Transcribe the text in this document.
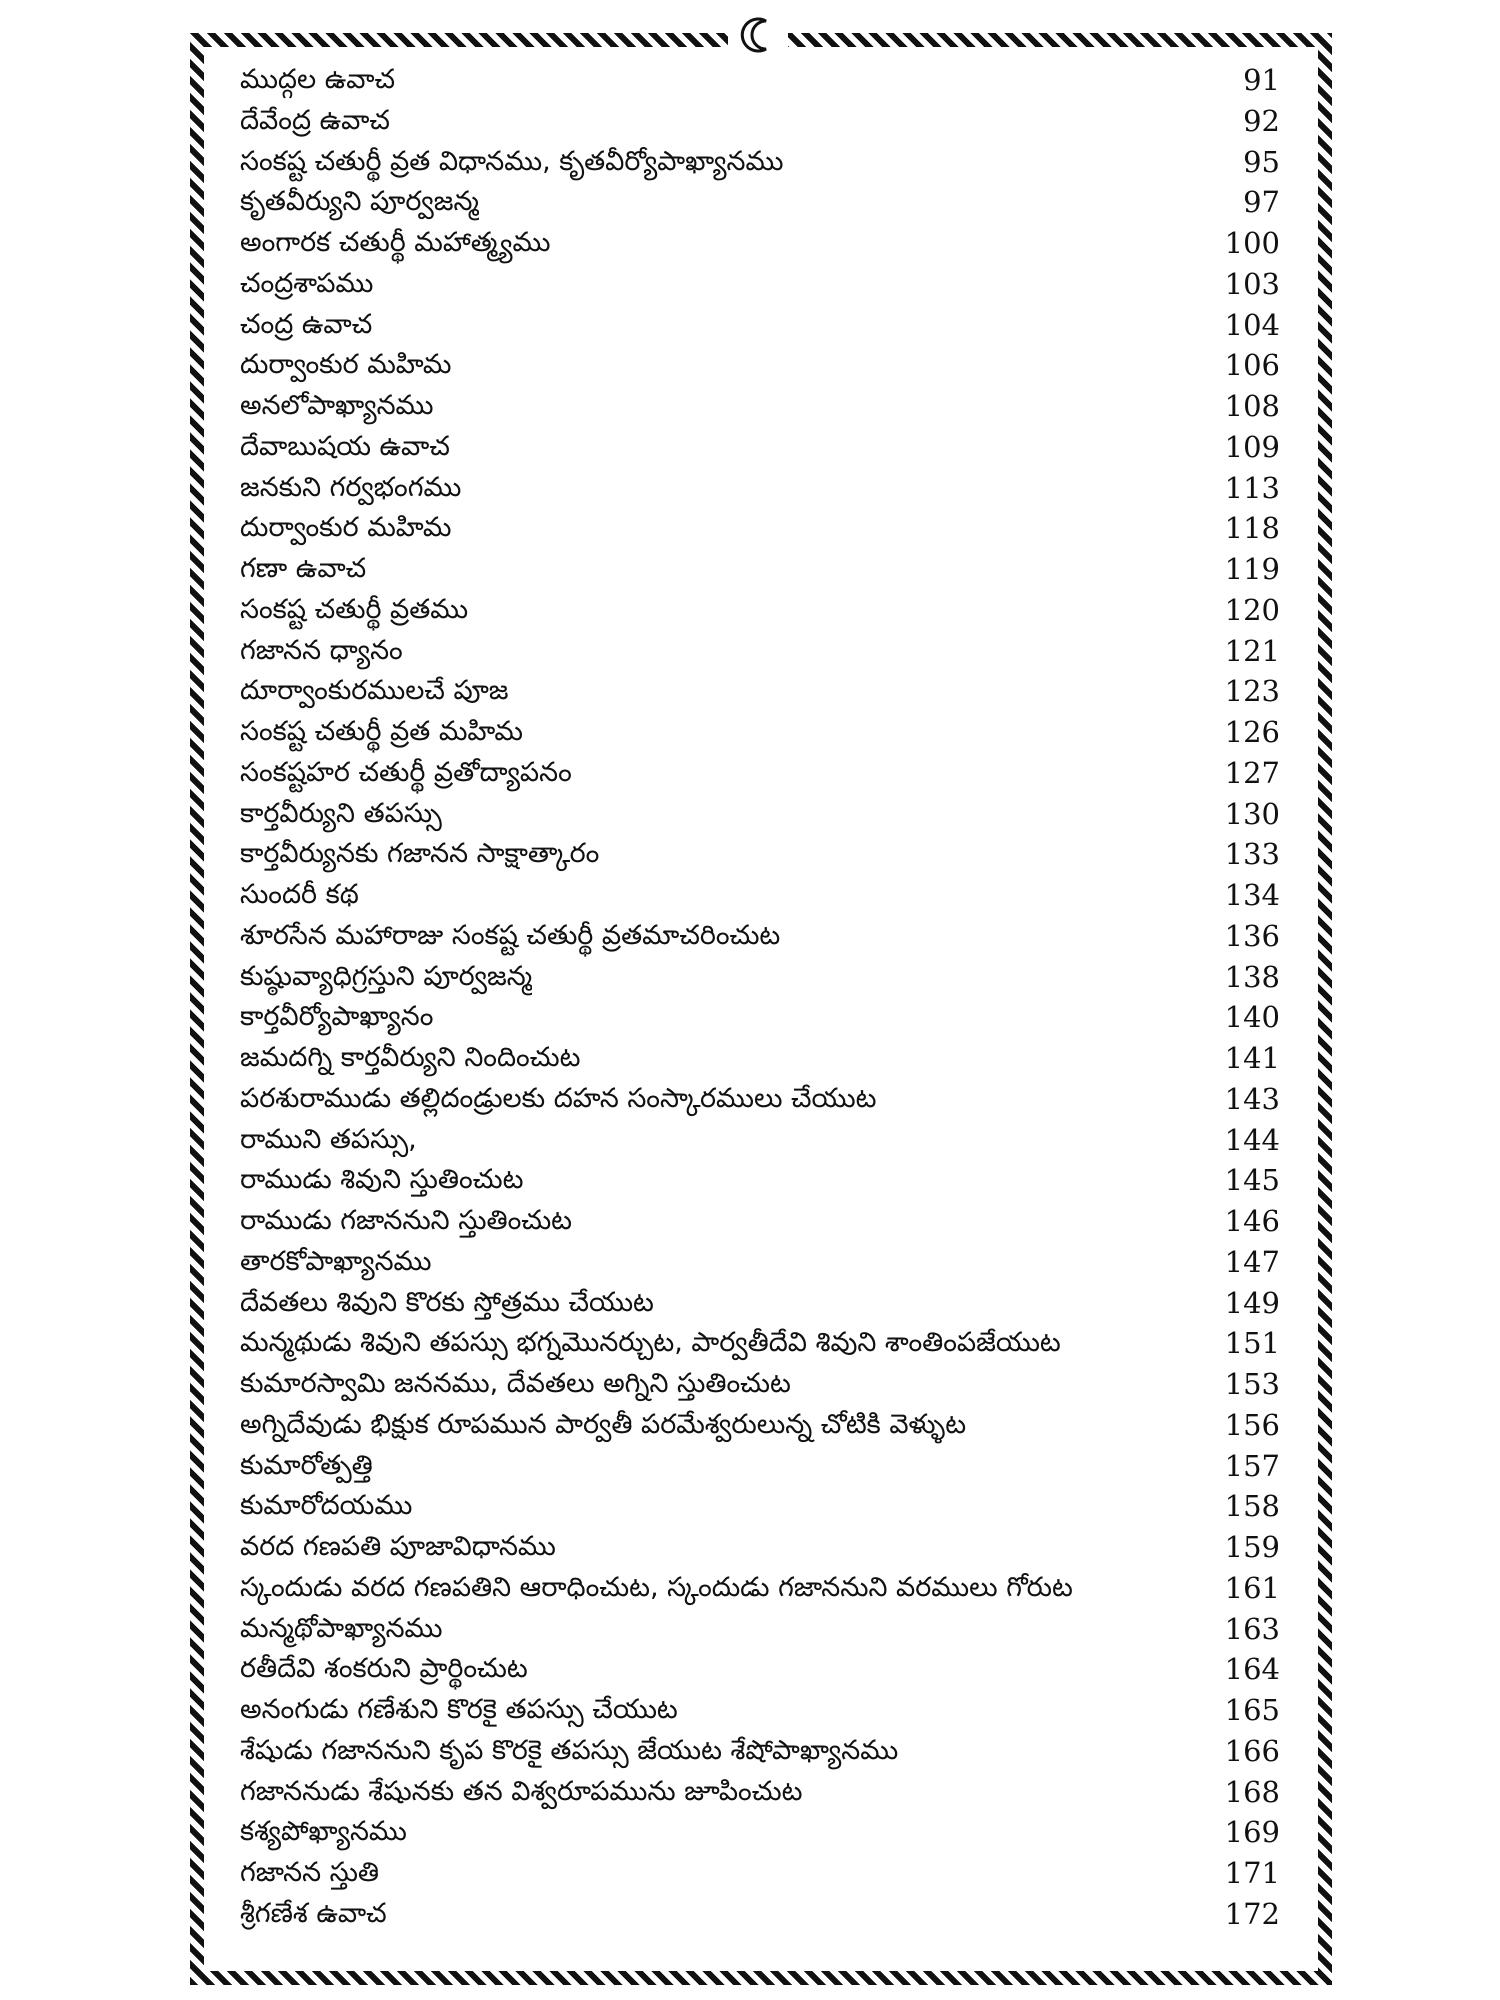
ముద్గల ఉవాచ	91
దేవేంద్ర ఉవాచ	92
సంకష్ట చతుర్థీ వ్రత విధానము, కృతవీర్యోపాఖ్యానము	95
కృతవీర్యుని పూర్వజన్మ	97
అంగారక చతుర్థీ మహాత్మ్యము	100
చంద్రశాపము	103
చంద్ర ఉవాచ	104
దుర్వాంకుర మహిమ	106
అనలోపాఖ్యానము	108
దేవాబుషయ ఉవాచ	109
జనకుని గర్వభంగము	113
దుర్వాంకుర మహిమ	118
గణా ఉవాచ	119
సంకష్ట చతుర్థీ వ్రతము	120
గజానన ధ్యానం	121
దూర్వాంకురములచే పూజ	123
సంకష్ట చతుర్థీ వ్రత మహిమ	126
సంకష్టహర చతుర్థీ వ్రతోద్యాపనం	127
కార్తవీర్యుని తపస్సు	130
కార్తవీర్యునకు గజానన సాక్షాత్కారం	133
సుందరీ కథ	134
శూరసేన మహారాజు సంకష్ట చతుర్థీ వ్రతమాచరించుట	136
కుష్ఠువ్యాధిగ్రస్తుని పూర్వజన్మ	138
కార్తవీర్యోపాఖ్యానం	140
జమదగ్ని కార్తవీర్యుని నిందించుట	141
పరశురాముడు తల్లిదండ్రులకు దహన సంస్కారములు చేయుట	143
రాముని తపస్సు,	144
రాముడు శివుని స్తుతించుట	145
రాముడు గజాననుని స్తుతించుట	146
తారకోపాఖ్యానము	147
దేవతలు శివుని కొరకు స్తోత్రము చేయుట	149
మన్మథుడు శివుని తపస్సు భగ్నమొనర్చుట, పార్వతీదేవి శివుని శాంతింపజేయుట	151
కుమారస్వామి జననము, దేవతలు అగ్నిని స్తుతించుట	153
అగ్నిదేవుడు భిక్షుక రూపమున పార్వతీ పరమేశ్వరులున్న చోటికి వెళ్ళుట	156
కుమారోత్పత్తి	157
కుమారోదయము	158
వరద గణపతి పూజావిధానము	159
స్కందుడు వరద గణపతిని ఆరాధించుట, స్కందుడు గజాననుని వరములు గోరుట	161
మన్మథోపాఖ్యానము	163
రతీదేవి శంకరుని ప్రార్థించుట	164
అనంగుడు గణేశుని కొరకై తపస్సు చేయుట	165
శేషుడు గజాననుని కృప కొరకై తపస్సు జేయుట శేషోపాఖ్యానము	166
గజాననుడు శేషునకు తన విశ్వరూపమును జూపించుట	168
కశ్యపోఖ్యానము	169
గజానన స్తుతి	171
శ్రీగణేశ ఉవాచ	172
